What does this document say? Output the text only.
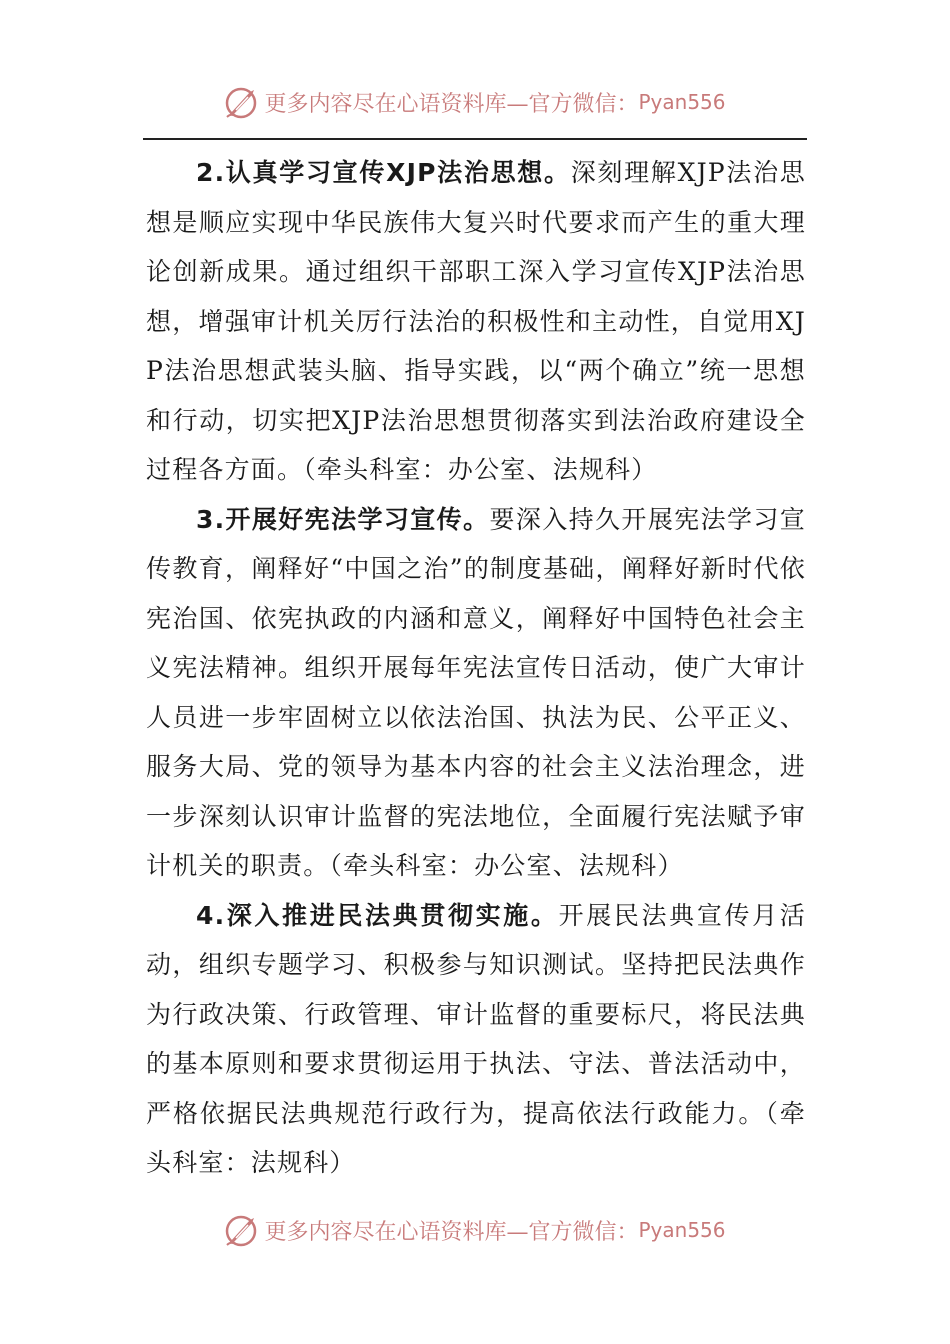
更多内容尽在心语资料库—官方微信： Pyan556

2.认真学习宣传XJP法治思想。深刻理解XJP法治思想是顺应实现中华民族伟大复兴时代要求而产生的重大理论创新成果。通过组织干部职工深入学习宣传XJP法治思想，增强审计机关厉行法治的积极性和主动性，自觉用XJP法治思想武装头脑、指导实践，以“两个确立”统一思想和行动，切实把XJP法治思想贯彻落实到法治政府建设全过程各方面。（牵头科室：办公室、法规科）

3.开展好宪法学习宣传。要深入持久开展宪法学习宣传教育，阐释好“中国之治”的制度基础，阐释好新时代依宪治国、依宪执政的内涵和意义，阐释好中国特色社会主义宪法精神。组织开展每年宪法宣传日活动，使广大审计人员进一步牢固树立以依法治国、执法为民、公平正义、服务大局、党的领导为基本内容的社会主义法治理念，进一步深刻认识审计监督的宪法地位，全面履行宪法赋予审计机关的职责。（牵头科室：办公室、法规科）

4.深入推进民法典贯彻实施。开展民法典宣传月活动，组织专题学习、积极参与知识测试。坚持把民法典作为行政决策、行政管理、审计监督的重要标尺，将民法典的基本原则和要求贯彻运用于执法、守法、普法活动中，严格依据民法典规范行政行为，提高依法行政能力。（牵头科室：法规科）

更多内容尽在心语资料库—官方微信： Pyan556
